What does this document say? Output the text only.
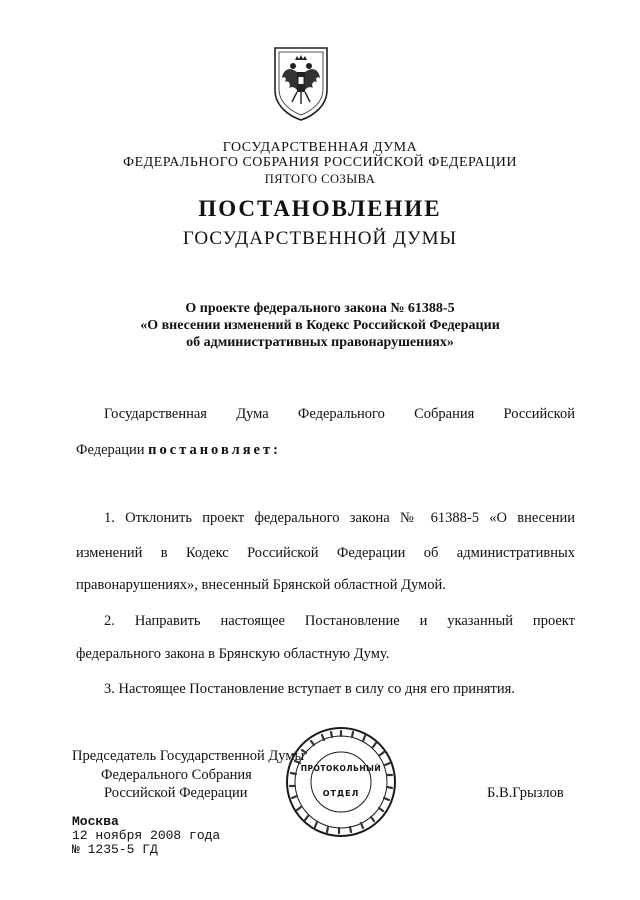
ГОСУДАРСТВЕННАЯ ДУМА
ФЕДЕРАЛЬНОГО СОБРАНИЯ РОССИЙСКОЙ ФЕДЕРАЦИИ
ПЯТОГО СОЗЫВА
ПОСТАНОВЛЕНИЕ
ГОСУДАРСТВЕННОЙ ДУМЫ
О проекте федерального закона № 61388-5
«О внесении изменений в Кодекс Российской Федерации
об административных правонарушениях»
Государственная Дума Федерального Собрания Российской
Федерации постановляет:
1. Отклонить проект федерального закона № 61388-5 «О внесении
изменений в Кодекс Российской Федерации об административных
правонарушениях», внесенный Брянской областной Думой.
2. Направить настоящее Постановление и указанный проект
федерального закона в Брянскую областную Думу.
3. Настоящее Постановление вступает в силу со дня его принятия.
Председатель Государственной Думы
Федерального Собрания
Российской Федерации	Б.В.Грызлов
ПРОТОКОЛЬНЫЙ
ОТДЕЛ
Москва
12 ноября 2008 года
№ 1235-5 ГД
